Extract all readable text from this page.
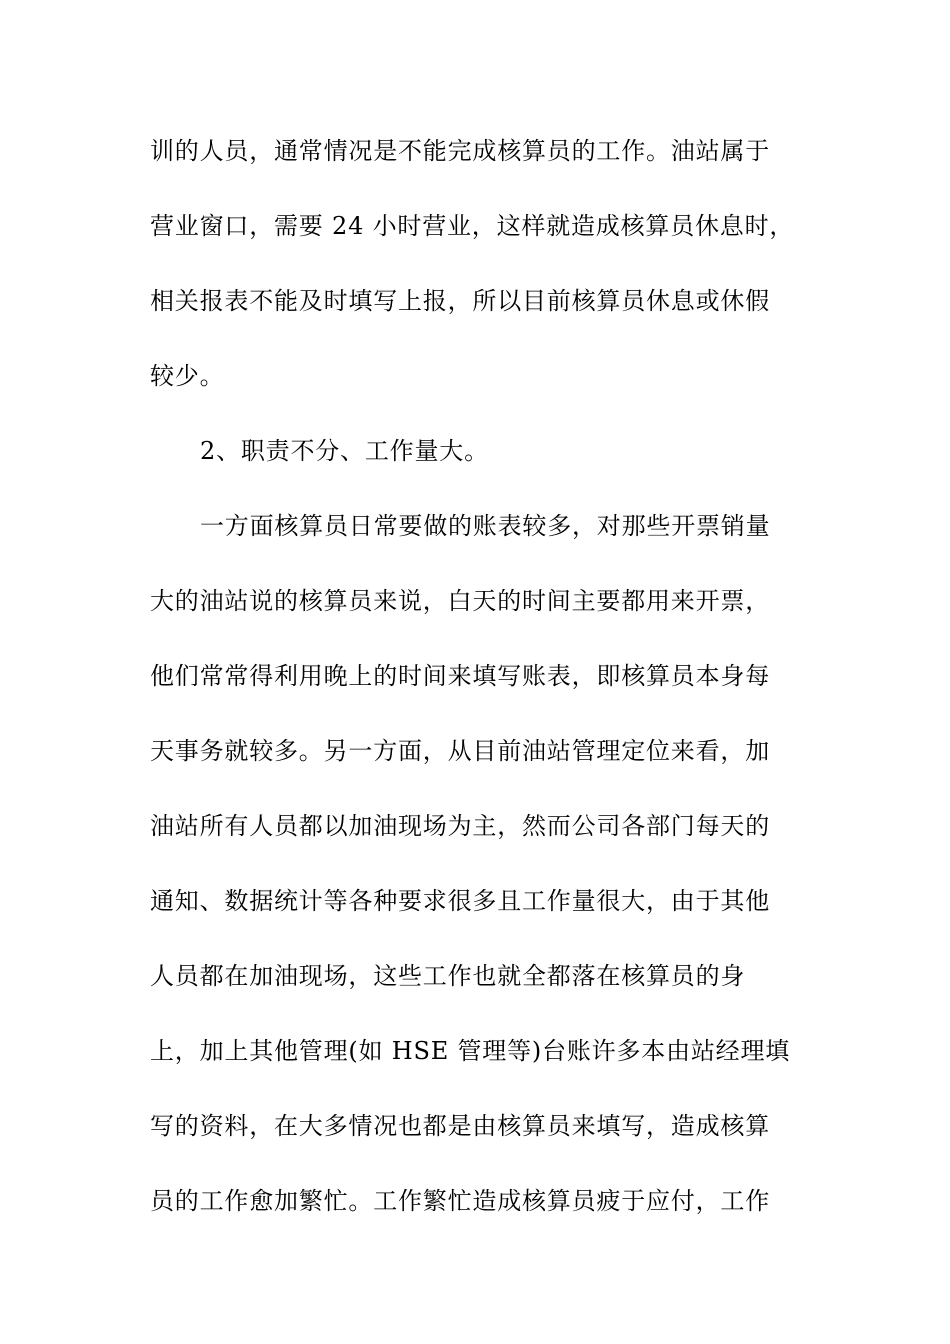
训的人员，通常情况是不能完成核算员的工作。油站属于
营业窗口，需要 24 小时营业，这样就造成核算员休息时，
相关报表不能及时填写上报，所以目前核算员休息或休假
较少。
2、职责不分、工作量大。
一方面核算员日常要做的账表较多，对那些开票销量
大的油站说的核算员来说，白天的时间主要都用来开票，
他们常常得利用晚上的时间来填写账表，即核算员本身每
天事务就较多。另一方面，从目前油站管理定位来看，加
油站所有人员都以加油现场为主，然而公司各部门每天的
通知、数据统计等各种要求很多且工作量很大，由于其他
人员都在加油现场，这些工作也就全都落在核算员的身
上，加上其他管理(如 HSE 管理等)台账许多本由站经理填
写的资料，在大多情况也都是由核算员来填写，造成核算
员的工作愈加繁忙。工作繁忙造成核算员疲于应付，工作
